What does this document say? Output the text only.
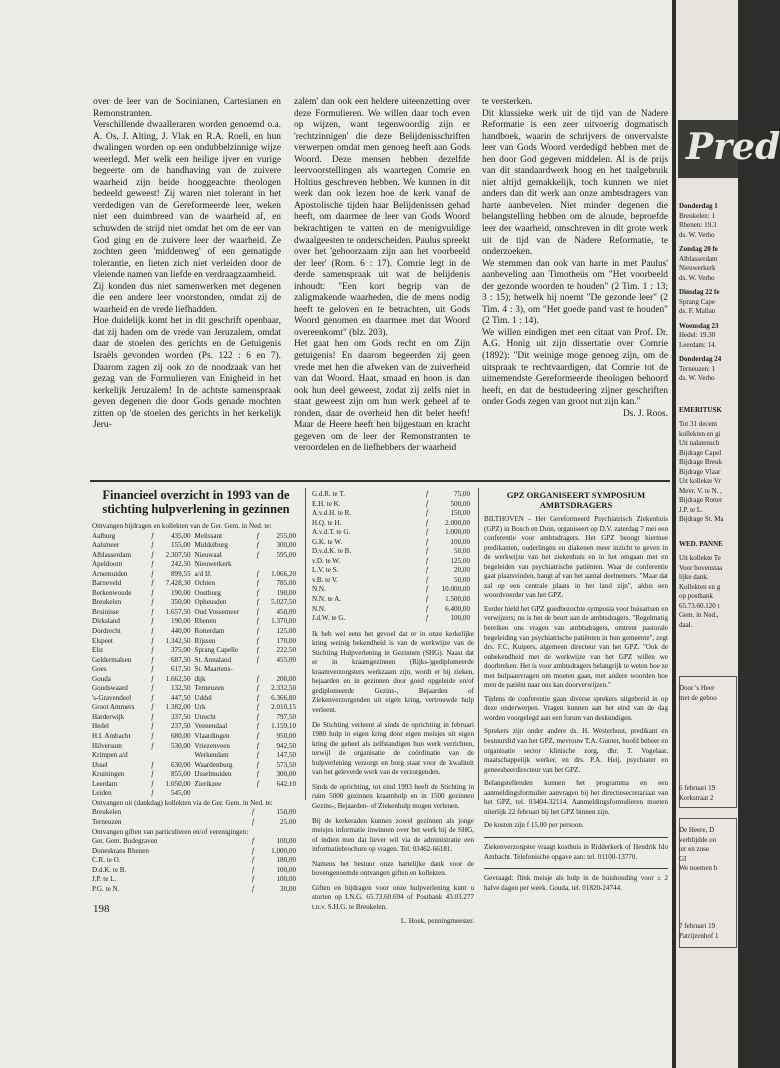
over de leer van de Socinianen, Cartesianen en Remonstranten.

Verschillende dwaalleraren worden genoemd o.a. A. Os, J. Alting, J. Vlak en R.A. Roell, en hun dwalingen worden op een ondubbelzinnige wijze weerlegd. Met welk een heilige ijver en vurige begeerte om de handhaving van de zuivere waarheid zijn beide hooggeachte theologen bedeeld geweest! Zij waren niet tolerant in het verdedigen van de Gereformeerde leer, weken niet een duimbreed van de waarheid af, en schuwden de strijd niet omdat het om de eer van God ging en de zuivere leer der waarheid. Ze zochten geen 'middenweg' of een gematigde tolerantie, en lieten zich niet verleiden door de vleiende namen van liefde en verdraagzaamheid.

Zij konden dus niet samenwerken met degenen die een andere leer voorstonden, omdat zij de waarheid en de vrede liefhadden.

Hoe duidelijk komt het in dit geschrift openbaar, dat zij haden om de vrede van Jeruzalem, omdat daar de stoelen des gerichts en de Getuigenis Israëls gevonden worden (Ps. 122 : 6 en 7). Daarom zagen zij ook zo de noodzaak van het gezag van de Formulieren van Enigheid in het kerkelijk Jeruzalem! In de achtste samenspraak geven degenen die door Gods genade mochten zitten op 'de stoelen des gerichts in het kerkelijk Jeru-

zalem' dan ook een heldere uiteenzetting over deze Formulieren. We willen daar toch even op wijzen, want tegenwoordig zijn er 'rechtzinnigen' die deze Belijdenisschriften verwerpen omdat men genoeg heeft aan Gods Woord. Deze mensen hebben dezelfde leervoorstellingen als waartegen Comrie en Holtius geschreven hebben. We kunnen in dit werk dan ook lezen hoe de kerk vanaf de Apostolische tijden haar Belijdenissen gehad heeft, om daarmee de leer van Gods Woord bekrachtigen te vatten en de menigvuldige dwaalgeesten te onderscheiden. Paulus spreekt over het 'gehoorzaam zijn aan het voorbeeld der leer' (Rom. 6 : 17). Comrie legt in de derde samenspraak uit wat de belijdenis inhoudt: "Een kort begrip van de zaligmakende waarheden, die de mens nodig heeft te geloven en te betrachten, uit Gods Woord genomen en daarmee met dat Woord overeenkomt" (blz. 203).

Het gaat hen om Gods recht en om Zijn getuigenis! En daarom begeerden zij geen vrede met hen die afweken van de zuiverheid van dat Woord. Haat, smaad en hoon is dan ook hun deel geweest, zodat zij zelfs niet in staat geweest zijn om hun werk geheel af te ronden, daar de overheid hen dit belet heeft! Maar de Heere heeft hen bijgestaan en kracht gegeven om de leer der Remonstranten te veroordelen en de liefhebbers der waarheid

te versterken.

Dit klassieke werk uit de tijd van de Nadere Reformatie is een zeer uitvoerig dogmatisch handboek, waarin de schrijvers de onvervalste leer van Gods Woord verdedigd hebben met de hen door God gegeven middelen. Al is de prijs van dit standaardwerk hoog en het taalgebruik niet altijd gemakkelijk, toch kunnen we niet anders dan dit werk aan onze ambtsdragers van harte aanbevelen. Niet minder degenen die belangstelling hebben om de aloude, beproefde leer der waarheid, omschreven in dit grote werk uit de tijd van de Nadere Reformatie, te onderzoeken.

We stemmen dan ook van harte in met Paulus' aanbeveling aan Timotheüs om "Het voorbeeld der gezonde woorden te houden" (2 Tim. 1 : 13; 3 : 15); hetwelk hij noemt "De gezonde leer" (2 Tim. 4 : 3), om "Het goede pand vast te houden" (2 Tim. 1 : 14).

We willen eindigen met een citaat van Prof. Dr. A.G. Honig uit zijn dissertatie over Comrie (1892): "Dit weinige moge genoeg zijn, om de uitspraak te rechtvaardigen, dat Comrie tot de uitnemendste Gereformeerde theologen behoord heeft, en dat de bestudeering zijner geschriften onder Gods zegen van groot nut zijn kan."

Ds. J. Roos.

Financieel overzicht in 1993 van de stichting hulpverlening in gezinnen

Ontvangen bijdragen en kollekten van de Ger. Gem. in Ned. te:

Aalburg	f	435,00	Melissant	f	255,00
Aalsmeer	f	155,00	Middelburg	f	300,00
Alblasserdam	f	2.307,50	Nieuwaal	f	595,00
Apeldoorn	f	242,50	Nieuwerkerk		
Arnemuiden	f	899,55	a/d IJ.	f	1.066,20
Barneveld	f	7.428,30	Ochten	f	785,00
Berkenwoude	f	190,00	Oostburg	f	190,00
Breukelen	f	350,00	Opheusden	f	5.027,50
Bruinisse	f	1.657,50	Oud Vossemeer	f	450,00
Dirksland	f	190,00	Rhenen	f	1.370,00
Dordrecht	f	440,00	Rotterdam	f	125,00
Elspeet	f	1.342,50	Rijssen	f	170,00
Elst	f	375,00	Sprang Capelle	f	222,50
Geldermalsen	f	687,50	St. Annaland	f	455,00
Goes	f	617,50	St. Maartens-		
Gouda	f	1.662,50	dijk	f	200,00
Goudswaard	f	132,50	Terneuzen	f	2.332,50
's-Gravendeel	f	447,50	Uddel	f	6.366,80
Groot Ammers	f	1.382,00	Urk	f	2.010,15
Harderwijk	f	337,50	Utrecht	f	797,50
Hedel	f	237,50	Veenendaal	f	1.159,10
H.I. Ambacht	f	680,00	Vlaardingen	f	950,00
Hilversum	f	530,00	Vriezenveen	f	942,50
Krimpen a/d			Werkendam	f	147,50
IJssel	f	630,00	Waardenburg	f	573,50
Kruiningen	f	855,00	IJsselmuiden	f	300,00
Leerdam	f	1.050,00	Zierikzee	f	642,10
Leiden	f	545,00			

Ontvangen uit (dankdag) kollekten via de Ger. Gem. in Ned. te:

Breukelen	f	150,00
Terneuzen	f	25,00

Ontvangen giften van particulieren en/of verenigingen:

Ger. Gem. Bodegraven	f	100,00
Doneskrans Rhenen	f	1.000,00
C.R. te O.	f	180,00
D.d.K. te B.	f	100,00
J.P. te L.	f	100,00
P.G. te N.	f	30,00
G.d.R. te T.	f	75,00
E.H. te K.	f	500,00
A.v.d.H. te R.	f	150,00
H.Q. te H.	f	2.000,00
A.v.d.T. te G.	f	1.000,00
G.K. te W.	f	100,00
D.v.d.K. te B.	f	50,00
v.D. te W.	f	125,00
L.V. te S.	f	20,00
v.B. te V.	f	50,00
N.N.	f	10.000,00
N.N. te A.	f	1.500,00
N.N.	f	6.400,00
J.d.W. te G.	f	100,00

Ik heb wel eens het gevoel dat er in onze kerkelijke kring weinig bekendheid is van de werkwijze van de Stichting Hulpverlening in Gezinnen (SHG). Naast dat er in kraamgezinnen (Rijks-)gediplomeerde kraamverzorgsters werkzaam zijn, wordt er bij zieken, bejaarden en in gezinnen door goed opgeleide en/of gediplomeerde Gezins-, Bejaarden of Ziekenverzorgenden uit eigen kring, vertrouwde hulp verleent.

De Stichting verleent al sinds de oprichting in februari 1980 hulp in eigen kring door eigen meisjes uit eigen kring die geheel als zelfstandigen hun werk verrichten, terwijl de organisatie de coördinatie van de hulpverlening verzorgt en borg staat voor de kwaliteit van het geleverde werk van de verzorgenden.

Sinds de oprichting, tot eind 1993 heeft de Stichting in ruim 5000 gezinnen kraamhulp en in 1500 gezinnen Gezins-, Bejaarden- of Ziekenhulp mogen verlenen.

Bij de kerkeraden kunnen zowel gezinnen als jonge meisjes informatie inwinnen over het werk bij de SHG, of indien men dat liever wil via de administratie een informatiebrochure op vragen. Tel. 03462-66181.

Namens het bestuur onze hartelijke dank voor de bovengenoemde ontvangen giften en kollekten.

Giften en bijdragen voor onze hulpverlening kunt u storten op I.N.G. 65.73.60.694 of Postbank 43.03.277 t.n.v. S.H.G. te Breukelen.

L. Hoek, penningmeester.

GPZ ORGANISEERT SYMPOSIUM AMBTSDRAGERS

BILTHOVEN - Het Gereformeerd Psychiatrisch Ziekenhuis (GPZ) in Bosch en Duin, organiseert op D.V. zaterdag 7 mei een conferentie voor ambtsdragers. Het GPZ beoogt hiermee predikanten, ouderlingen en diakenen meer inzicht te geven in de werkwijze van het ziekenhuis en in het omgaan met en begeleiden van psychiatrische patiënten. Waar de conferentie gaat plaatsvinden, hangt af van het aantal deelnemers. "Maar dat zal op een centrale plaats in het land zijn", aldus een woordvoerder van het GPZ.

Eerder hield het GPZ goedbezochte symposia voor huisartsen en verwijzers; nu is het de beurt aan de ambtsdragers. "Regelmatig bereiken ons vragen van ambtsdragers, omtrent pastorale begeleiding van psychiatrische patiënten in hun gemeente", zegt drs. F.C. Kuipers, algemeen directeur van het GPZ. "Ook de onbekendheid met de werkwijze van het GPZ willen we doorbreken. Het is voor ambtsdragers belangrijk te weten hoe ze met hulpaanvragen om moeten gaan, met andere woorden hoe men de patiënt naar ons kan doorverwijzen."

Tijdens de conferentie gaan diverse sprekers uitgebreid in op deze onderwerpen. Vragen kunnen aan het eind van de dag worden voorgelegd aan een forum van deskundigen.

Sprekers zijn onder andere ds. H. Westerhout, predikant en bestuurslid van het GPZ, mevrouw T.A. Gunter, hoofd beheer en organisatie sector klinische zorg, dhr. T. Vogelaar, maatschappelijk werker, en drs. P.A. Heij, psychiater en geneesheerdirecteur van het GPZ.

Belangstellenden kunnen het programma en een aanmeldingsformulier aanvragen bij het directiesecretariaat van het GPZ, tel. 03404-32114. Aanmeldingsformulieren moeten uiterlijk 22 februari bij het GPZ binnen zijn.

De kosten zijn f 15,00 per persoon.

Ziekenverzorgster vraagt kosthuis in Ridderkerk of Hendrik Ido Ambacht. Telefonische opgave aan: tel. 01100-13770.

Gevraagd: flink meisje als hulp in de huishouding voor ± 2 halve dagen per week. Gouda, tel. 01820-24744.

198
Pred
Donderdag 1
Breukelen: 1
Rhenen: 19.3
ds. W. Verho
Zondag 20 fe
Alblasserdam
Nieuwerkerk
ds. W. Verho
Dinsdag 22 fe
Sprang Cape
ds. F. Mallan
Woensdag 23
Hedel: 19.30
Leerdam: 14.
Donderdag 24
Terneuzen: 1
ds. W. Verho
EMERITUSK
Tot 31 decem
kollekten en gi
Uit nalatensch
Bijdrage Capel
Bijdrage Breuk
Bijdrage Vlaar
Uit kollekte Vr
Mevr. V. te N. ,
Bijdrage Rotter
J.P. te L.
Bijdrage St. Ma
WED. PANNE
Uit kollekte Te
Voor bovenstaa
lijke dank.
Kollekten en g
op postbank
65.73.60.120 t
Gem. in Ned.,
daal.
Door 's Heer
met de geboo
6 februari 19
Kerkstraat 2
De Heere, D
verblijdde on
ter en zuse
GI
We noemen h
7 februari 19
Patrijzenhof 1
